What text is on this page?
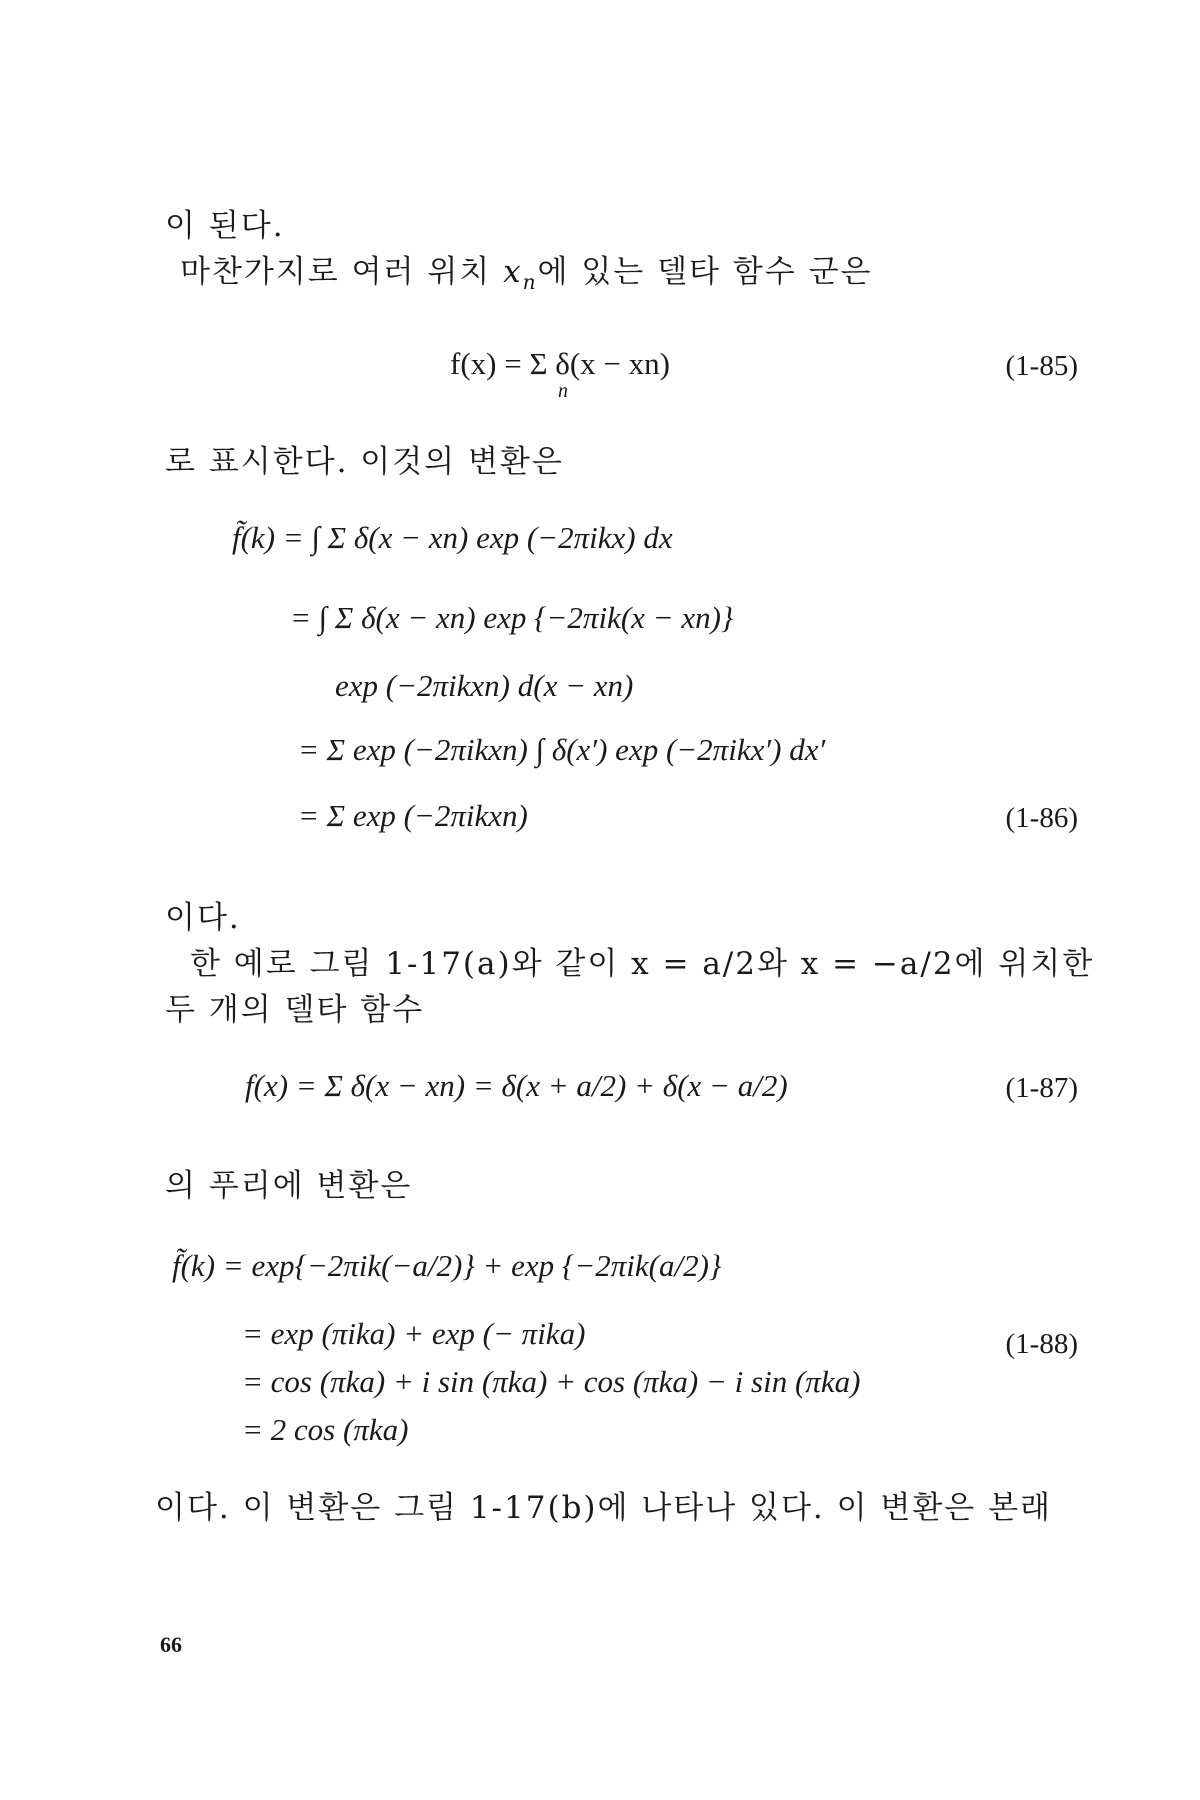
이 된다.
마찬가지로 여러 위치 $x_n$에 있는 델타 함수 군은
f(x) = Σ δ(x − xn)
n
(1-85)
로 표시한다. 이것의 변환은
f̃(k) = ∫ Σ δ(x − xn) exp (−2πikx) dx
= ∫ Σ δ(x − xn) exp {−2πik(x − xn)}
exp (−2πikxn) d(x − xn)
= Σ exp (−2πikxn) ∫ δ(x′) exp (−2πikx′) dx′
= Σ exp (−2πikxn)	(1-86)
이다.
한 예로 그림 1-17(a)와 같이 x = a/2와 x = −a/2에 위치한
두 개의 델타 함수
f(x) = Σ δ(x − xn) = δ(x + a/2) + δ(x − a/2)	(1-87)
의 푸리에 변환은
f̃(k) = exp{−2πik(−a/2)} + exp {−2πik(a/2)}
= exp (πika) + exp (− πika)	(1-88)
= cos (πka) + i sin (πka) + cos (πka) − i sin (πka)
= 2 cos (πka)
이다. 이 변환은 그림 1-17(b)에 나타나 있다. 이 변환은 본래
66
